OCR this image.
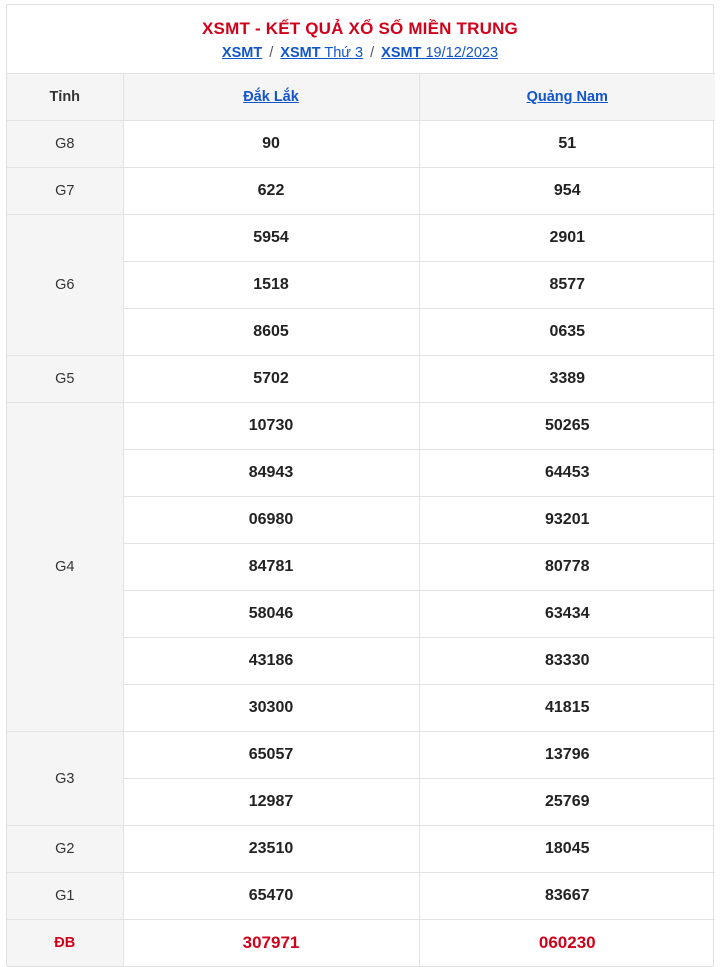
XSMT - KẾT QUẢ XỔ SỐ MIỀN TRUNG
XSMT / XSMT Thứ 3 / XSMT 19/12/2023
Tỉnh	Đắk Lắk	Quảng Nam
G8	90	51
G7	622	954
G6	5954	2901
	1518	8577
	8605	0635
G5	5702	3389
G4	10730	50265
	84943	64453
	06980	93201
	84781	80778
	58046	63434
	43186	83330
	30300	41815
G3	65057	13796
	12987	25769
G2	23510	18045
G1	65470	83667
ĐB	307971	060230
